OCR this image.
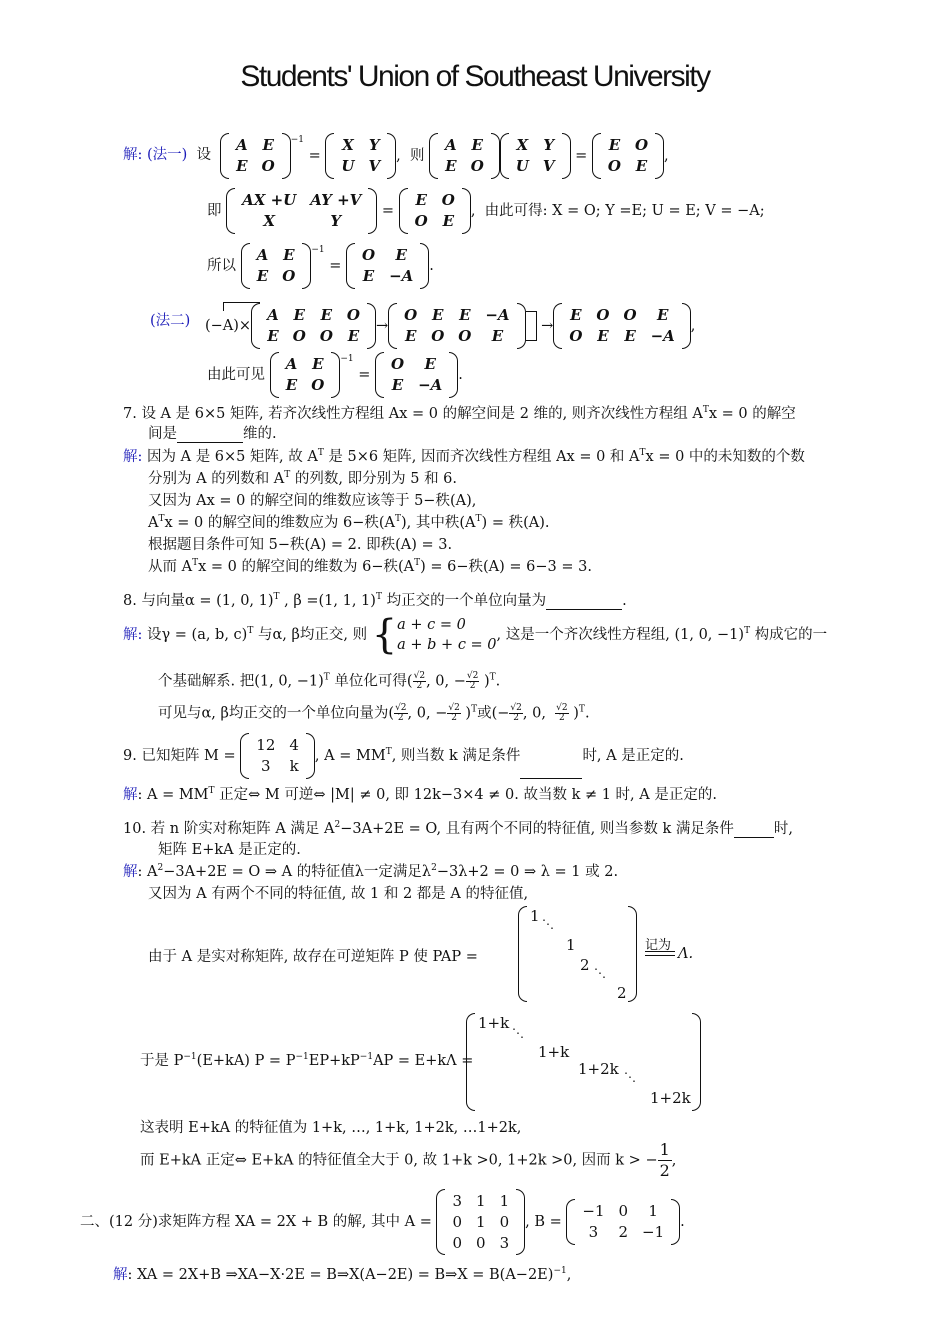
Students' Union of Southeast University
解: (法一) 设
A	E
E	O
$^{-1}$ =
X	Y
U	V
,  则
A	E
E	O
X	Y
U	V
=
E	O
O	E
,
即
AX +U	AY +V
X	Y
=
E	O
O	E
,  由此可得: X = O; Y =E; U = E; V = −A;
所以
A	E
E	O
$^{-1}$ =
O	E
E	−A
.
(法二) (−A)×
A	E	E	O
E	O	O	E
→
O	E	E	−A
E	O	O	E
→
E	O	O	E
O	E	E	−A
,
由此可见
A	E
E	O
$^{-1}$ =
O	E
E	−A
.
7. 设 A 是 6×5 矩阵, 若齐次线性方程组 Ax = 0 的解空间是 2 维的, 则齐次线性方程组 $A^Tx = 0$ 的解空
间是	维的.
解: 因为 A 是 6×5 矩阵, 故 $A^T$ 是 5×6 矩阵, 因而齐次线性方程组 Ax = 0 和 $A^Tx = 0$ 中的未知数的个数
分别为 A 的列数和 $A^T$ 的列数, 即分别为 5 和 6.
又因为 Ax = 0 的解空间的维数应该等于 5−秩(A),
$A^Tx = 0$ 的解空间的维数应为 6−秩$(A^T)$, 其中秩$(A^T)$ = 秩(A).
根据题目条件可知 5−秩(A) = 2. 即秩(A) = 3.
从而 $A^Tx = 0$ 的解空间的维数为 6−秩$(A^T) = 6-$秩(A) = 6−3 = 3.
8. 与向量α = (1, 0, 1)$^T$ , β =(1, 1, 1)$^T$ 均正交的一个单位向量为	.
解: 设γ = (a, b, c)$^T$ 与α, β均正交, 则 { a + c = 0
a + b + c = 0
, 这是一个齐次线性方程组, (1, 0, −1)$^T$ 构成它的一
个基础解系. 把(1, 0, −1)$^T$ 单位化可得( $\frac{√2}{2}$ , 0, − $\frac{√2}{2} )^T$.
可见与α, β均正交的一个单位向量为( $\frac{√2}{2}$ , 0, − $\frac{√2}{2} )^T$或(− $\frac{√2}{2}$ , 0, $\frac{√2}{2} )^T$.
9. 已知矩阵 M =
12	4
3	k
, $A = MM^T$, 则当数 k 满足条件	时, A 是正定的.
解: $A = MM^T$ 正定⇔ M 可逆⇔ |M| ≠ 0, 即 12k−3×4 ≠ 0. 故当数 k ≠ 1 时, A 是正定的.
10. 若 n 阶实对称矩阵 A 满足 $A^2-3A+2E = O$, 且有两个不同的特征值, 则当参数 k 满足条件	时,
矩阵 E+kA 是正定的.
解: $A^2-3A+2E = O$ ⇒ A 的特征值λ一定满足$\lambda^2-3\lambda+2 = 0$ ⇒ λ = 1 或 2.
又因为 A 有两个不同的特征值, 故 1 和 2 都是 A 的特征值,
由于 A 是实对称矩阵, 故存在可逆矩阵 P 使 PAP =
1 ⋱
1
2 ⋱
2
记为
Λ.
于是 $P^{-1}(E+kA) P = P^{-1}EP+kP^{-1}AP = E+k\Lambda$ =
1+k
⋱
1+k
1+2k ⋱
1+2k
这表明 E+kA 的特征值为 1+k, …, 1+k, 1+2k, …1+2k,
而 E+kA 正定⇔ E+kA 的特征值全大于 0, 故 1+k >0, 1+2k >0, 因而 k > − $\frac{1}{2}$ ,
二、(12 分)求矩阵方程 XA = 2X + B 的解, 其中 A =
3	1	1
0	1	0
0	0	3
, B =
−1	0	1
3	2	−1
.
解: XA = 2X+B ⇒XA−X·2E = B⇒X(A−2E) = B⇒X = $B(A-2E)^{-1}$,
